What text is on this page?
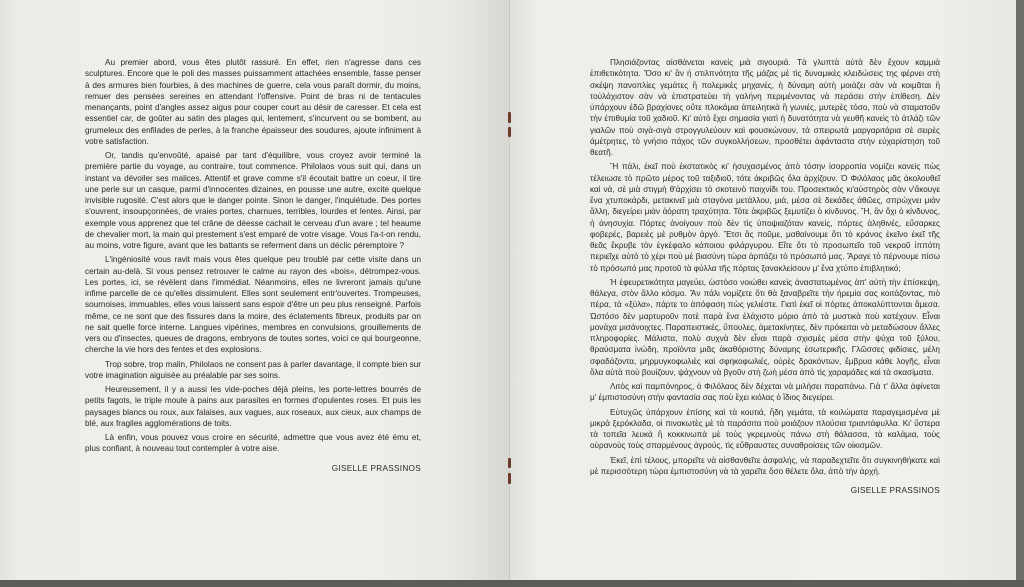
Au premier abord, vous êtes plutôt rassuré. En effet, rien n'agresse dans ces sculptures. Encore que le poli des masses puissamment attachées ensemble, fasse penser à des armures bien fourbies, à des machines de guerre, cela vous paraît dormir, du moins, remuer des pensées sereines en attendant l'offensive. Point de bras ni de tentacules menançants, point d'angles assez aigus pour couper court au désir de caresser. Et cela est essentiel car, de goûter au satin des plages qui, lentement, s'incurvent ou se bombent, au grumeleux des enfilades de perles, à la franche épaisseur des soudures, ajoute infiniment à votre satisfaction.

Or, tandis qu'envoûté, apaisé par tant d'équilibre, vous croyez avoir terminé la première partie du voyage, au contraire, tout commence. Philolaos vous suit qui, dans un instant va dévoiler ses malices. Attentif et grave comme s'il écoutait battre un coeur, il tire une perle sur un casque, parmi d'innocentes dizaines, en pousse une autre, excite quelque invisible rugosité. C'est alors que le danger pointe. Sinon le danger, l'inquiétude. Des portes s'ouvrent, insoupçonnées, de vraies portes, charnues, terribles, lourdes et lentes. Ainsi, par exemple vous apprenez que tel crâne de déesse cachait le cerveau d'un avare ; tel heaume de chevalier mort, la main qui prestement s'est emparé de votre visage. Vous l'a-t-on rendu, au moins, votre figure, avant que les battants se referment dans un déclic péremptoire ?

L'ingéniosité vous ravit mais vous êtes quelque peu troublé par cette visite dans un certain au-delà. Si vous pensez retrouver le calme au rayon des «bois», détrompez-vous. Les portes, ici, se révèlent dans l'immédiat. Néanmoins, elles ne livreront jamais qu'une infime parcelle de ce qu'elles dissimulent. Elles sont seulement entr'ouvertes. Trompeuses, sournoises, immuables, elles vous laissent sans espoir d'être un peu plus renseigné. Parfois même, ce ne sont que des fissures dans la moire, des éclatements fibreux, produits par on ne sait quelle force interne. Langues vipérines, membres en convulsions, grouillements de vers ou d'insectes, queues de dragons, embryons de toutes sortes, voici ce qui bourgeonne, cherche la vie hors des fentes et des explosions.

Trop sobre, trop malin, Philolaos ne consent pas à parler davantage, il compte bien sur votre imagination aiguisée au préalable par ses soins.

Heureusement, il y a aussi les vide-poches déjà pleins, les porte-lettres bourrés de petits fagots, le triple moule à pains aux parasites en formes d'opulentes roses. Et puis les paysages blancs ou roux, aux falaises, aux vagues, aux roseaux, aux cieux, aux champs de blé, aux fragiles agglomérations de toits.

Là enfin, vous pouvez vous croire en sécurité, admettre que vous avez été ému et, plus confiant, à nouveau tout contempler à votre aise.

GISELLE PRASSINOS

Πλησιάζοντας αἰσθάνεται κανείς μιὰ σιγουριά. Τὰ γλυπτὰ αὐτὰ δὲν ἔχουν καμμιὰ ἐπιθετικότητα. Ὅσο κι' ἂν ἡ στιλπνότητα τῆς μάζας μὲ τὶς δυναμικὲς κλειδώσεις της φέρνει στὴ σκέψη πανοπλίες γεμάτες ἢ πολεμικὲς μηχανές, ἡ δύναμη αὐτὴ μοιάζει σὰν νὰ κοιμᾶται ἢ τοὐλάχιστον σὰν νὰ ἐπιστρατεύει τὴ γαλήνη περιμένοντας νὰ περάσει στὴν ἐπίθεση. Δὲν ὑπάρχουν ἐδῶ βραχίονες οὔτε πλοκάμια ἀπειλητικὰ ἢ γωνιές, μυτερὲς τόσο, ποὺ νὰ σταματοῦν τὴν ἐπιθυμία τοῦ χαδιοῦ. Κι' αὐτὸ ἔχει σημασία γιατὶ ἡ δυνατότητα νὰ γευθῆ κανεὶς τὸ ἀτλάζι τῶν γιαλῶν ποὺ σιγὰ-σιγὰ στρογγυλεύουν καὶ φουσκώνουν, τὰ σπειρωτὰ μαργαριτάρια σὲ σειρὲς ἀμέτρητες, τὸ γνήσιο πάχος τῶν συγκολλήσεων, προσθέτει ἀφάνταστα στὴν εὐχαρίστηση τοῦ θεατῆ.

Ἢ πάλι, ἐκεῖ ποὺ ἐκστατικὸς κι' ἡσυχασμένος ἀπὸ τόσην ἰσορροπία νομίζει κανεὶς πὼς τέλειωσε τὸ πρῶτο μέρος τοῦ ταξιδιοῦ, τότε ἀκριβῶς ὅλα ἀρχίζουν. Ὁ Φιλόλαος μᾶς ἀκολουθεῖ καὶ νά, σὲ μιὰ στιγμὴ θ'ἀρχίσει τὸ σκοτεινὸ παιχνίδι του. Προσεκτικὸς κι'αὐστηρὸς σὰν ν'ἄκουγε ἕνα χτυποκάρδι, μετακινεῖ μιὰ σταγόνα μετάλλου, μιά, μέσα σὲ δεκάδες ἀθῶες, σπρώχνει μιὰν ἄλλη, διεγείρει μιὰν ἀόρατη τραχύτητα. Τότε ἀκριβῶς ξεμυτίζει ὁ κίνδυνος. Ἤ, ἂν ὄχι ὁ κίνδυνος, ἡ ἀνησυχία. Πόρτες ἀνοίγουν ποὺ δὲν τὶς ὑποψιαζόταν κανείς, πόρτες ἀληθινές, εὔσαρκες φοβερές, βαρειὲς μὲ ρυθμὸν ἀργό. Ἔτσι ἂς ποῦμε, μαθαίνουμε ὅτι τὸ κράνος ἐκεῖνο ἐκεῖ τῆς θεᾶς ἔκρυβε τὸν ἐγκέφαλο κάποιου φιλάργυρου. Εἴτε ὅτι τὸ προσωπεῖο τοῦ νεκροῦ ἱππότη περιεῖχε αὐτὸ τὸ χέρι ποὺ μὲ βιασύνη τώρα ἁρπάζει τὸ πρόσωπό μας. Ἄραγε τὸ πέρνουμε πίσω τὸ πρόσωπό μας προτοῦ τὰ φύλλα τῆς πόρτας ξανακλείσουν μ' ἕνα χτύπο ἐπιβλητικό;

Ἡ ἐφευρετικότητα μαγεύει, ὡστόσο νοιώθει κανεὶς ἀναστατωμένος ἀπ' αὐτὴ τὴν ἐπίσκεψη, θάλεγα, στὸν ἄλλο κόσμο. Ἂν πάλι νομίζετε ὅτι θὰ ξαναβρεῖτε τὴν ἠρεμία σας κοιτάζοντας, πιὸ πέρα, τὰ «ξύλα», πάρτε το ἀπόφαση πὼς γελιέστε. Γιατὶ ἐκεῖ οἱ πόρτες ἀποκαλύπτονται ἄμεσα. Ὡστόσο δὲν μαρτυροῦν ποτὲ παρὰ ἕνα ἐλάχιστο μόριο ἀπὸ τὰ μυστικὰ ποὺ κατέχουν. Εἶναι μονάχα μισάνοιχτες. Παραπειστικές, ὕπουλες, ἀμετακίνητες, δὲν πρόκειται νὰ μεταδώσουν ἄλλες πληροφορίες. Μάλιστα, πολὺ συχνὰ δὲν εἶναι παρὰ σχισμὲς μέσα στὴν ψύχα τοῦ ξύλου, θραύσματα ἰνώδη, προϊόντα μιᾶς ἀκαθόριστης δύναμης ἐσωτερικῆς. Γλῶσσες φιδίσιες, μέλη σφαδάζοντα, μηρμυγκοφωλιὲς καὶ σφηκοφωλιές, οὐρὲς δρακόντων, ἔμβρυα κάθε λογῆς, εἶναι ὅλα αὐτὰ ποὺ βουίζουν, ψάχνουν νὰ βγοῦν στὴ ζωὴ μέσα ἀπὸ τὶς χαραμάδες καὶ τὰ σκασίματα.

Λιτὸς καὶ παμπόνηρος, ὁ Φιλόλαος δὲν δέχεται νὰ μιλήσει παραπάνω. Γιὰ τ' ἄλλα ἀφίνεται μ' ἐμπιστοσύνη στὴν φαντασία σας ποὺ ἔχει κιόλας ὁ ἴδιος διεγείρει.

Εὐτυχῶς ὑπάρχουν ἐπίσης καὶ τὰ κουτιά, ἤδη γεμάτα, τὰ κοιλώματα παραγεμισμένα μὲ μικρὰ ξερόκλαδα, οἱ πινακωτὲς μὲ τὰ παράσιτα ποὺ μοιάζουν πλούσια τριαντάφυλλα. Κι' ὕστερα τὰ τοπεῖα λευκὰ ἢ κοκκινωπὰ μὲ τοὺς γκρεμνοὺς πάνω στὴ θάλασσα, τὰ καλάμια, τοὺς οὐρανοὺς τοὺς σπαρμένους ἀγρούς, τὶς εὔθραυστες συναθροίσεις τῶν οἰκισμῶν.

Ἐκεῖ, ἐπὶ τέλους, μπορεῖτε νὰ αἰσθανθεῖτε ἀσφαλής, νὰ παραδεχτεῖτε ὅτι συγκινηθήκατε καὶ μὲ περισσότερη τώρα ἐμπιστοσύνη νὰ τὰ χαρεῖτε ὅσο θέλετε ὅλα, ἀπὸ τὴν ἀρχή.

GISELLE PRASSINOS
